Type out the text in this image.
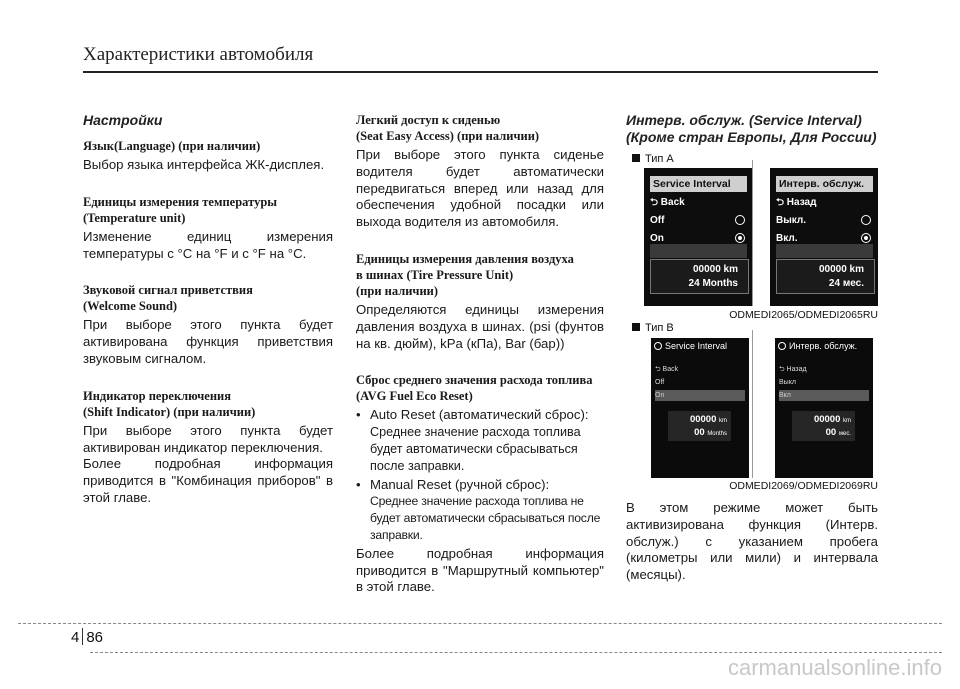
Характеристики автомобиля
Настройки
Язык(Language) (при наличии)

Выбор языка интерфейса ЖК-дисплея.

Единицы измерения температуры
(Temperature unit)

Изменение единиц измерения температуры с °C на °F и с °F на °C.

Звуковой сигнал приветствия
(Welcome Sound)

При выборе этого пункта будет активирована функция приветствия звуковым сигналом.

Индикатор переключения
(Shift Indicator) (при наличии)

При выборе этого пункта будет активирован индикатор переключения.

Более подробная информация приводится в "Комбинация приборов" в этой главе.

Легкий доступ к сиденью
(Seat Easy Access) (при наличии)

При выборе этого пункта сиденье водителя будет автоматически передвигаться вперед или назад для обеспечения удобной посадки или выхода водителя из автомобиля.

Единицы измерения давления воздуха
в шинах (Tire Pressure Unit)
(при наличии)

Определяются единицы измерения давления воздуха в шинах. (psi (фунтов на кв. дюйм), kPa (кПа), Bar (бар))

Сброс среднего значения расхода топлива
(AVG Fuel Eco Reset)
• Auto Reset (автоматический сброс):

Среднее значение расхода топлива будет автоматически сбрасываться после заправки.

• Manual Reset (ручной сброс):

Среднее значение расхода топлива не будет автоматически сбрасываться после заправки.

Более подробная информация приводится в "Маршрутный компьютер" в этой главе.

Интерв. обслуж. (Service Interval)
(Кроме стран Европы, Для России)
Тип A
Service Interval
⮌ Back
Off
On
00000 km
24 Months
Интерв. обслуж.
⮌ Назад
Выкл.
Вкл.
00000 km
24 мес.
ODMEDI2065/ODMEDI2065RU
Тип B
Service Interval
⮌ Back
Off
On
00000 km
00 Months
Интерв. обслуж.
⮌ Назад
Выкл
Вкл
00000 km
00 мес.
ODMEDI2069/ODMEDI2069RU

В этом режиме может быть активизирована функция (Интерв. обслуж.) с указанием пробега (километры или мили) и интервала (месяцы).

4 86
carmanualsonline.info
